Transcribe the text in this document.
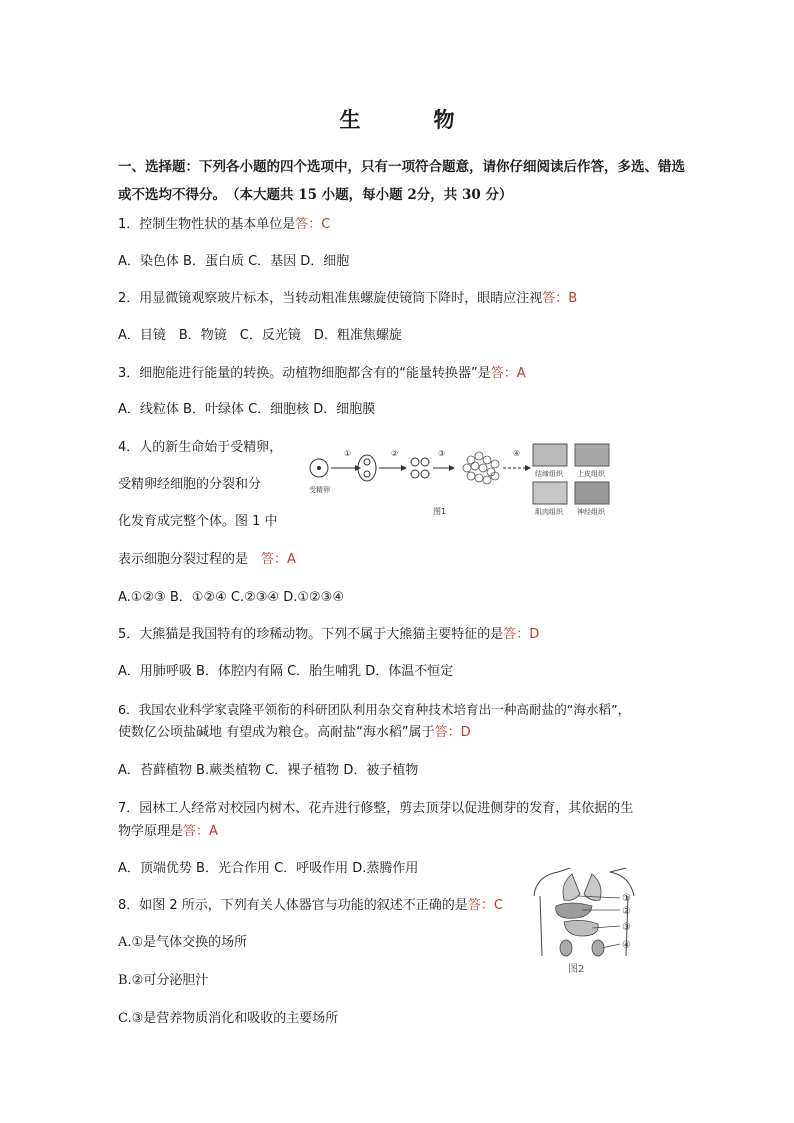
生　物
一、选择题：下列各小题的四个选项中，只有一项符合题意，请你仔细阅读后作答，多选、错选或不选均不得分。　（本大题共 15 小题，每小题 2分，共 30 分）
1．控制生物性状的基本单位是答：C
A．染色体 B．蛋白质 C．基因 D．细胞
2．用显微镜观察玻片标本，当转动粗准焦螺旋使镜筒下降时，眼睛应注视答：B
A．目镜　B．物镜　C．反光镜　D．粗准焦螺旋
3．细胞能进行能量的转换。动植物细胞都含有的“能量转换器”是答：A
A．线粒体 B．叶绿体 C．细胞核 D．细胞膜
4．人的新生命始于受精卵，
受精卵经细胞的分裂和分
化发育成完整个体。图 1 中
表示细胞分裂过程的是　答：A
A.①②③ B．①②④ C.②③④ D.①②③④
①	②	③	④
受精卵
结缔组织 上皮组织
肌肉组织 神经组织
图1
5．大熊猫是我国特有的珍稀动物。下列不属于大熊猫主要特征的是答：D
A．用肺呼吸 B．体腔内有隔 C．胎生哺乳 D．体温不恒定
6．我国农业科学家袁隆平领衔的科研团队利用杂交育种技术培育出一种高耐盐的“海水稻”，
使数亿公顷盐碱地 有望成为粮仓。高耐盐“海水稻”属于答：D
A．苔藓植物 B.蕨类植物 C．裸子植物 D．被子植物
7．园林工人经常对校园内树木、花卉进行修整，剪去顶芽以促进侧芽的发育，其依据的生
物学原理是答：A
A．顶端优势 B．光合作用 C．呼吸作用 D.蒸腾作用
8．如图 2 所示，下列有关人体器官与功能的叙述不正确的是答：C
A.①是气体交换的场所
B.②可分泌胆汁
C.③是营养物质消化和吸收的主要场所
①
②
③
④
图2
